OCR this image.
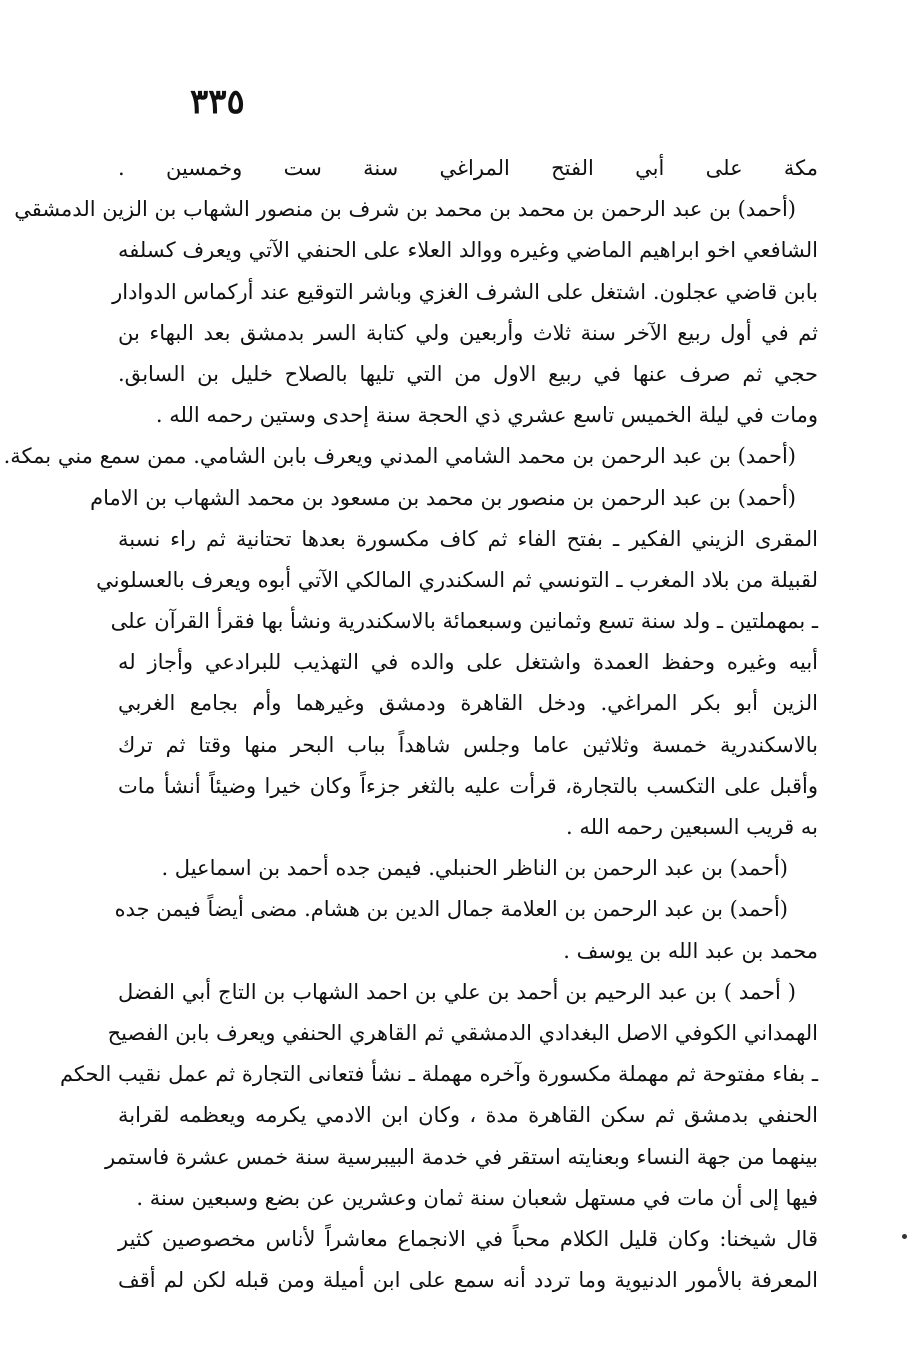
٣٣٥
مكة على أبي الفتح المراغي سنة ست وخمسين .
(أحمد) بن عبد الرحمن بن محمد بن محمد بن شرف بن منصور الشهاب بن الزين الدمشقي
الشافعي اخو ابراهيم الماضي وغيره ووالد العلاء على الحنفي الآتي ويعرف كسلفه
بابن قاضي عجلون. اشتغل على الشرف الغزي وباشر التوقيع عند أركماس الدوادار
ثم في أول ربيع الآخر سنة ثلاث وأربعين ولي كتابة السر بدمشق بعد البهاء بن
حجي ثم صرف عنها في ربيع الاول من التي تليها بالصلاح خليل بن السابق.
ومات في ليلة الخميس تاسع عشري ذي الحجة سنة إحدى وستين رحمه الله .
(أحمد) بن عبد الرحمن بن محمد الشامي المدني ويعرف بابن الشامي. ممن سمع مني بمكة.
(أحمد) بن عبد الرحمن بن منصور بن محمد بن مسعود بن محمد الشهاب بن الامام
المقرى الزيني الفكير ـ بفتح الفاء ثم كاف مكسورة بعدها تحتانية ثم راء نسبة
لقبيلة من بلاد المغرب ـ التونسي ثم السكندري المالكي الآتي أبوه ويعرف بالعسلوني
ـ بمهملتين ـ ولد سنة تسع وثمانين وسبعمائة بالاسكندرية ونشأ بها فقرأ القرآن على
أبيه وغيره وحفظ العمدة واشتغل على والده في التهذيب للبرادعي وأجاز له
الزين أبو بكر المراغي. ودخل القاهرة ودمشق وغيرهما وأم بجامع الغربي
بالاسكندرية خمسة وثلاثين عاما وجلس شاهداً بباب البحر منها وقتا ثم ترك
وأقبل على التكسب بالتجارة، قرأت عليه بالثغر جزءاً وكان خيرا وضيئاً أنشأ مات
به قريب السبعين رحمه الله .
(أحمد) بن عبد الرحمن بن الناظر الحنبلي. فيمن جده أحمد بن اسماعيل .
(أحمد) بن عبد الرحمن بن العلامة جمال الدين بن هشام. مضى أيضاً فيمن جده
محمد بن عبد الله بن يوسف .
( أحمد ) بن عبد الرحيم بن أحمد بن علي بن احمد الشهاب بن التاج أبي الفضل
الهمداني الكوفي الاصل البغدادي الدمشقي ثم القاهري الحنفي ويعرف بابن الفصيح
ـ بفاء مفتوحة ثم مهملة مكسورة وآخره مهملة ـ نشأ فتعانى التجارة ثم عمل نقيب الحكم
الحنفي بدمشق ثم سكن القاهرة مدة ، وكان ابن الادمي يكرمه ويعظمه لقرابة
بينهما من جهة النساء وبعنايته استقر في خدمة البيبرسية سنة خمس عشرة فاستمر
فيها إلى أن مات في مستهل شعبان سنة ثمان وعشرين عن بضع وسبعين سنة .
قال شيخنا: وكان قليل الكلام محباً في الانجماع معاشراً لأناس مخصوصين كثير
المعرفة بالأمور الدنيوية وما تردد أنه سمع على ابن أميلة ومن قبله لكن لم أقف
